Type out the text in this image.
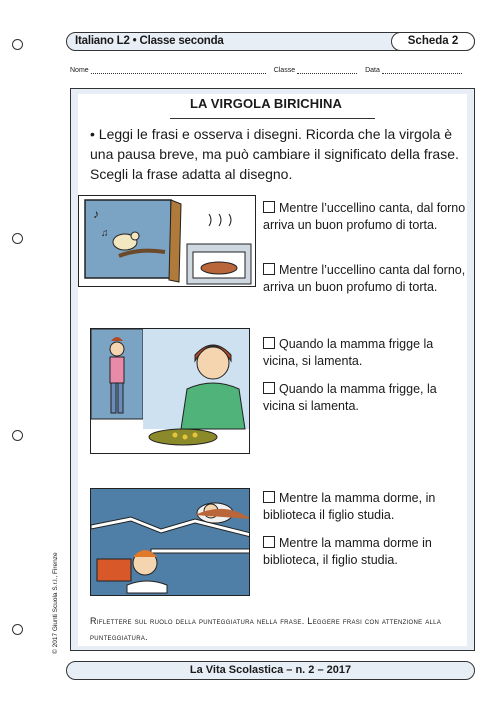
Italiano L2 • Classe seconda	Scheda 2
Nome	Classe	Data
LA VIRGOLA BIRICHINA
• Leggi le frasi e osserva i disegni. Ricorda che la virgola è una pausa breve, ma può cambiare il significato della frase. Scegli la frase adatta al disegno.
♪
♫
Mentre l’uccellino canta, dal forno arriva un buon profumo di torta.
Mentre l’uccellino canta dal forno, arriva un buon profumo di torta.
Quando la mamma frigge la vicina, si lamenta.
Quando la mamma frigge, la vicina si lamenta.
Mentre la mamma dorme, in biblioteca il figlio studia.
Mentre la mamma dorme in biblioteca, il figlio studia.
Riflettere sul ruolo della punteggiatura nella frase. Leggere frasi con attenzione alla punteggiatura.
La Vita Scolastica – n. 2 – 2017
© 2017 Giunti Scuola S.r.l., Firenze
